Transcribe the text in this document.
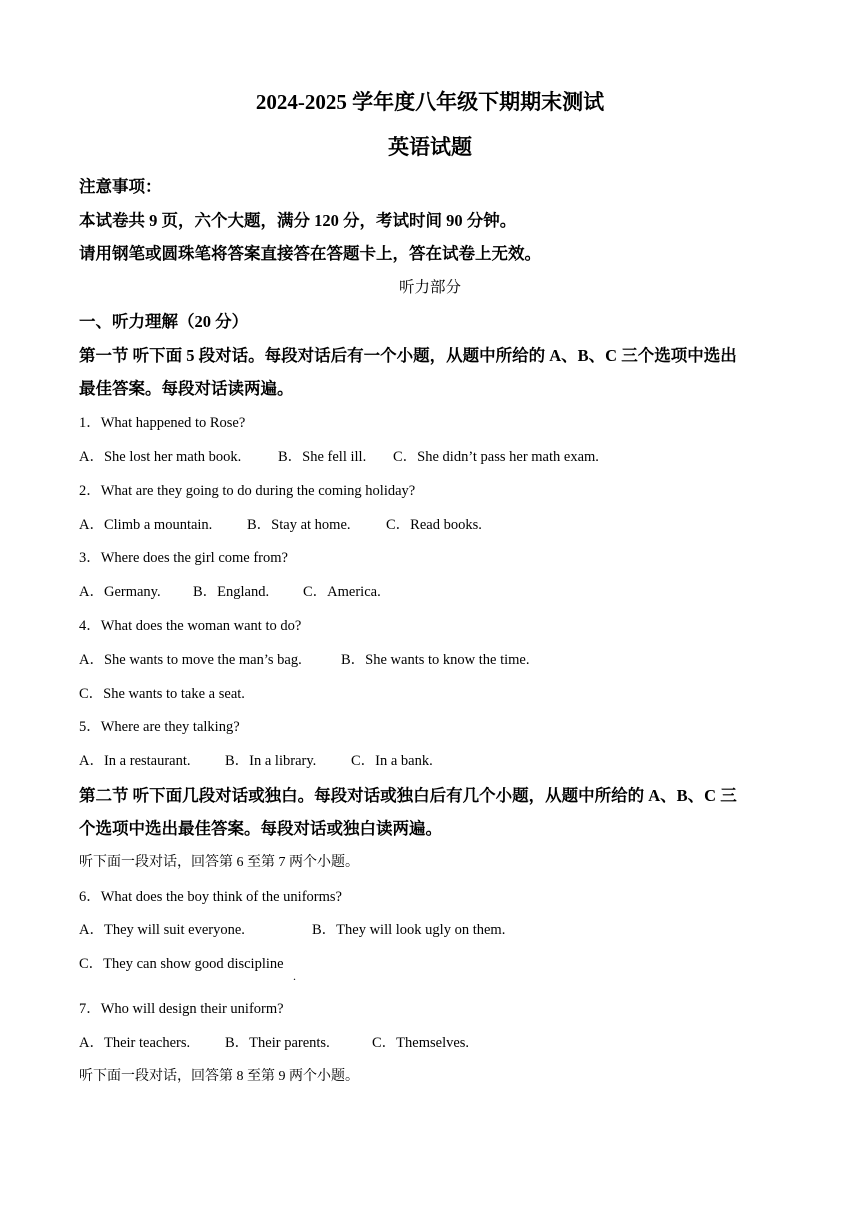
2024-2025 学年度八年级下期期末测试
英语试题
注意事项：
本试卷共 9 页，六个大题，满分 120 分，考试时间 90 分钟。
请用钢笔或圆珠笔将答案直接答在答题卡上，答在试卷上无效。
听力部分
一、听力理解（20 分）
第一节 听下面 5 段对话。每段对话后有一个小题，从题中所给的 A、B、C 三个选项中选出
最佳答案。每段对话读两遍。
1．What happened to Rose?
A．She lost her math book.	B．She fell ill. C．She didn’t pass her math exam.
2．What are they going to do during the coming holiday?
A．Climb a mountain. B．Stay at home. C．Read books.
3．Where does the girl come from?
A．Germany. B．England. C．America.
4．What does the woman want to do?
A．She wants to move the man’s bag.	B．She wants to know the time.
C．She wants to take a seat.
5．Where are they talking?
A．In a restaurant. B．In a library. C．In a bank.
第二节 听下面几段对话或独白。每段对话或独白后有几个小题，从题中所给的 A、B、C 三
个选项中选出最佳答案。每段对话或独白读两遍。
听下面一段对话，回答第 6 至第 7 两个小题。
6．What does the boy think of the uniforms?
A．They will suit everyone.	B．They will look ugly on them.
C．They can show good discipline
.
7．Who will design their uniform?
A．Their teachers. B．Their parents.	C．Themselves.
听下面一段对话，回答第 8 至第 9 两个小题。
